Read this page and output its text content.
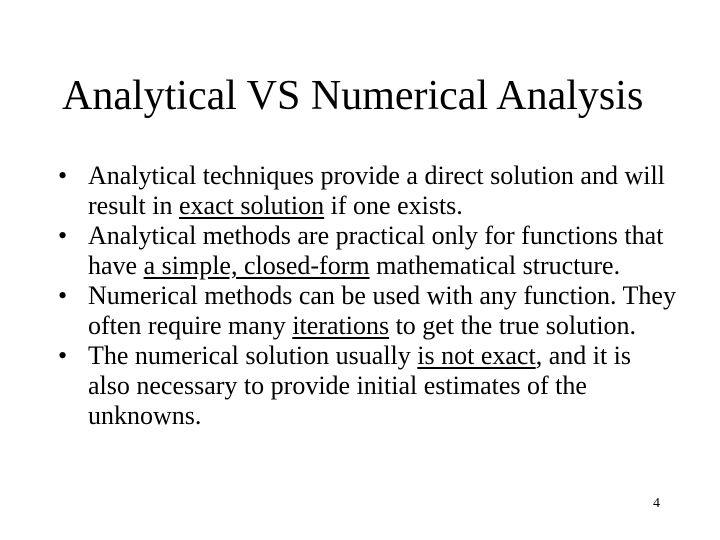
Analytical VS Numerical Analysis
• Analytical techniques provide a direct solution and will result in exact solution if one exists.
• Analytical methods are practical only for functions that have a simple, closed-form mathematical structure.
• Numerical methods can be used with any function. They often require many iterations to get the true solution.
• The numerical solution usually is not exact, and it is also necessary to provide initial estimates of the unknowns.
4
